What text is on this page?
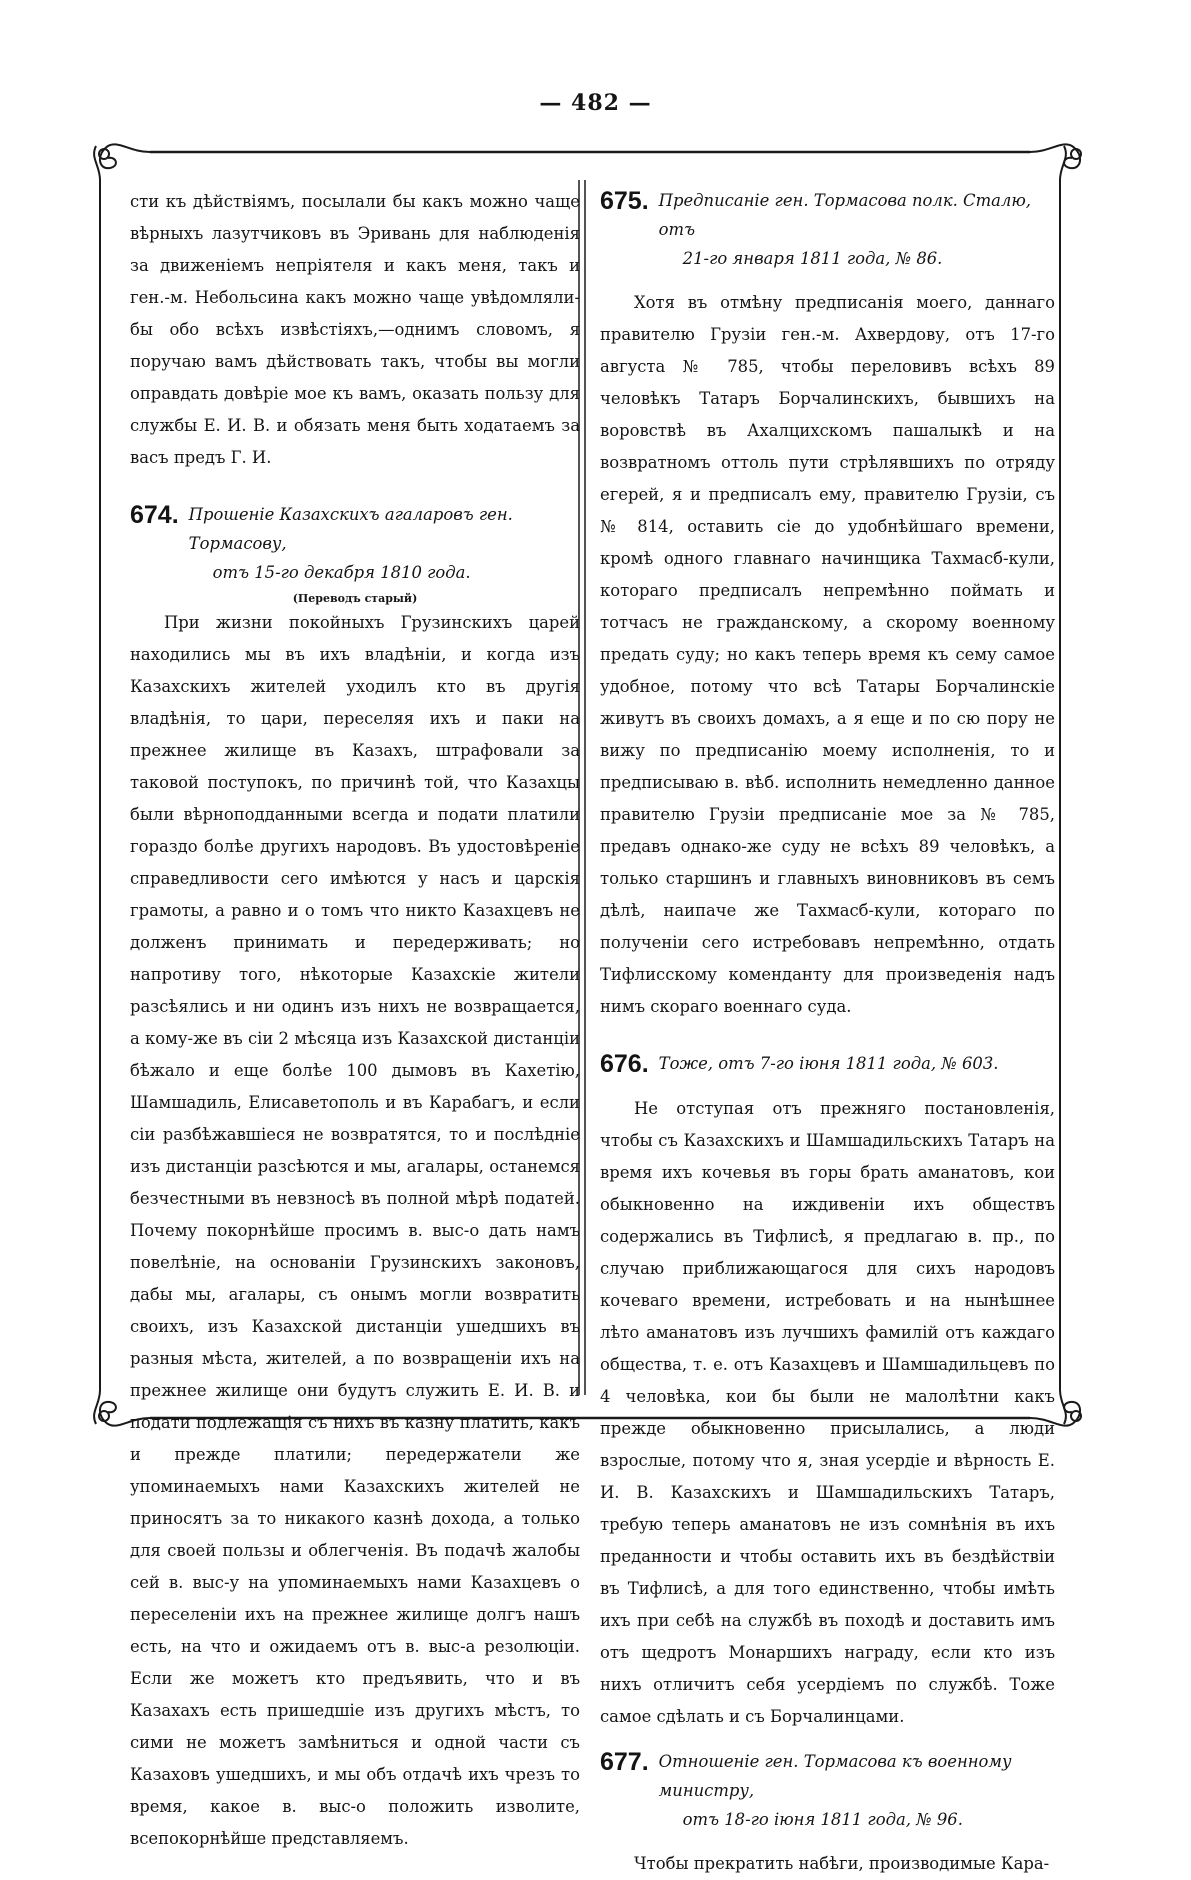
— 482 —

сти къ дѣйствіямъ, посылали бы какъ можно чаще вѣрныхъ лазутчиковъ въ Эривань для наблюденія за движеніемъ непріятеля и какъ меня, такъ и ген.-м. Небольсина какъ можно чаще увѣдомляли-бы обо всѣхъ извѣстіяхъ,—однимъ словомъ, я поручаю вамъ дѣйствовать такъ, чтобы вы могли оправдать довѣріе мое къ вамъ, оказать пользу для службы Е. И. В. и обязать меня быть ходатаемъ за васъ предъ Г. И.

674. Прошеніе Казахскихъ агаларовъ ген. Тормасову,
отъ 15-го декабря 1810 года.
(Переводъ старый)

При жизни покойныхъ Грузинскихъ царей находились мы въ ихъ владѣніи, и когда изъ Казахскихъ жителей уходилъ кто въ другія владѣнія, то цари, переселяя ихъ и паки на прежнее жилище въ Казахъ, штрафовали за таковой поступокъ, по причинѣ той, что Казахцы были вѣрноподданными всегда и подати платили гораздо болѣе другихъ народовъ. Въ удостовѣреніе справедливости сего имѣются у насъ и царскія грамоты, а равно и о томъ что никто Казахцевъ не долженъ принимать и передерживать; но напротиву того, нѣкоторые Казахскіе жители разсѣялись и ни одинъ изъ нихъ не возвращается, а кому-же въ сіи 2 мѣсяца изъ Казахской дистанціи бѣжало и еще болѣе 100 дымовъ въ Кахетію, Шамшадиль, Елисаветополь и въ Карабагъ, и если сіи разбѣжавшіеся не возвратятся, то и послѣдніе изъ дистанціи разсѣются и мы, агалары, останемся безчестными въ невзносѣ въ полной мѣрѣ податей. Почему покорнѣйше просимъ в. выс-о дать намъ повелѣніе, на основаніи Грузинскихъ законовъ, дабы мы, агалары, съ онымъ могли возвратить своихъ, изъ Казахской дистанціи ушедшихъ въ разныя мѣста, жителей, а по возвращеніи ихъ на прежнее жилище они будутъ служить Е. И. В. и подати подлежащія съ нихъ въ казну платить, какъ и прежде платили; передержатели же упоминаемыхъ нами Казахскихъ жителей не приносятъ за то никакого казнѣ дохода, а только для своей пользы и облегченія. Въ подачѣ жалобы сей в. выс-у на упоминаемыхъ нами Казахцевъ о переселеніи ихъ на прежнее жилище долгъ нашъ есть, на что и ожидаемъ отъ в. выс-а резолюціи. Если же можетъ кто предъявить, что и въ Казахахъ есть пришедшіе изъ другихъ мѣстъ, то сими не можетъ замѣниться и одной части съ Казаховъ ушедшихъ, и мы объ отдачѣ ихъ чрезъ то время, какое в. выс-о положить изволите, всепокорнѣйше представляемъ.

675. Предписаніе ген. Тормасова полк. Сталю, отъ
21-го января 1811 года, № 86.

Хотя въ отмѣну предписанія моего, даннаго правителю Грузіи ген.-м. Ахвердову, отъ 17-го августа № 785, чтобы переловивъ всѣхъ 89 человѣкъ Татаръ Борчалинскихъ, бывшихъ на воровствѣ въ Ахалцихскомъ пашалыкѣ и на возвратномъ оттоль пути стрѣлявшихъ по отряду егерей, я и предписалъ ему, правителю Грузіи, съ № 814, оставить сіе до удобнѣйшаго времени, кромѣ одного главнаго начинщика Тахмасб-кули, котораго предписалъ непремѣнно поймать и тотчасъ не гражданскому, а скорому военному предать суду; но какъ теперь время къ сему самое удобное, потому что всѣ Татары Борчалинскіе живутъ въ своихъ домахъ, а я еще и по сю пору не вижу по предписанію моему исполненія, то и предписываю в. вѣб. исполнить немедленно данное правителю Грузіи предписаніе мое за № 785, предавъ однако-же суду не всѣхъ 89 человѣкъ, а только старшинъ и главныхъ виновниковъ въ семъ дѣлѣ, наипаче же Тахмасб-кули, котораго по полученіи сего истребовавъ непремѣнно, отдать Тифлисскому коменданту для произведенія надъ нимъ скораго военнаго суда.

676. Тоже, отъ 7-го іюня 1811 года, № 603.

Не отступая отъ прежняго постановленія, чтобы съ Казахскихъ и Шамшадильскихъ Татаръ на время ихъ кочевья въ горы брать аманатовъ, кои обыкновенно на иждивеніи ихъ обществъ содержались въ Тифлисѣ, я предлагаю в. пр., по случаю приближающагося для сихъ народовъ кочеваго времени, истребовать и на нынѣшнее лѣто аманатовъ изъ лучшихъ фамилій отъ каждаго общества, т. е. отъ Казахцевъ и Шамшадильцевъ по 4 человѣка, кои бы были не малолѣтни какъ прежде обыкновенно присылались, а люди взрослые, потому что я, зная усердіе и вѣрность Е. И. В. Казахскихъ и Шамшадильскихъ Татаръ, требую теперь аманатовъ не изъ сомнѣнія въ ихъ преданности и чтобы оставить ихъ въ бездѣйствіи въ Тифлисѣ, а для того единственно, чтобы имѣть ихъ при себѣ на службѣ въ походѣ и доставить имъ отъ щедротъ Монаршихъ награду, если кто изъ нихъ отличитъ себя усердіемъ по службѣ. Тоже самое сдѣлать и съ Борчалинцами.

677. Отношеніе ген. Тормасова къ военному министру,
отъ 18-го іюня 1811 года, № 96.

Чтобы прекратить набѣги, производимые Кара-
